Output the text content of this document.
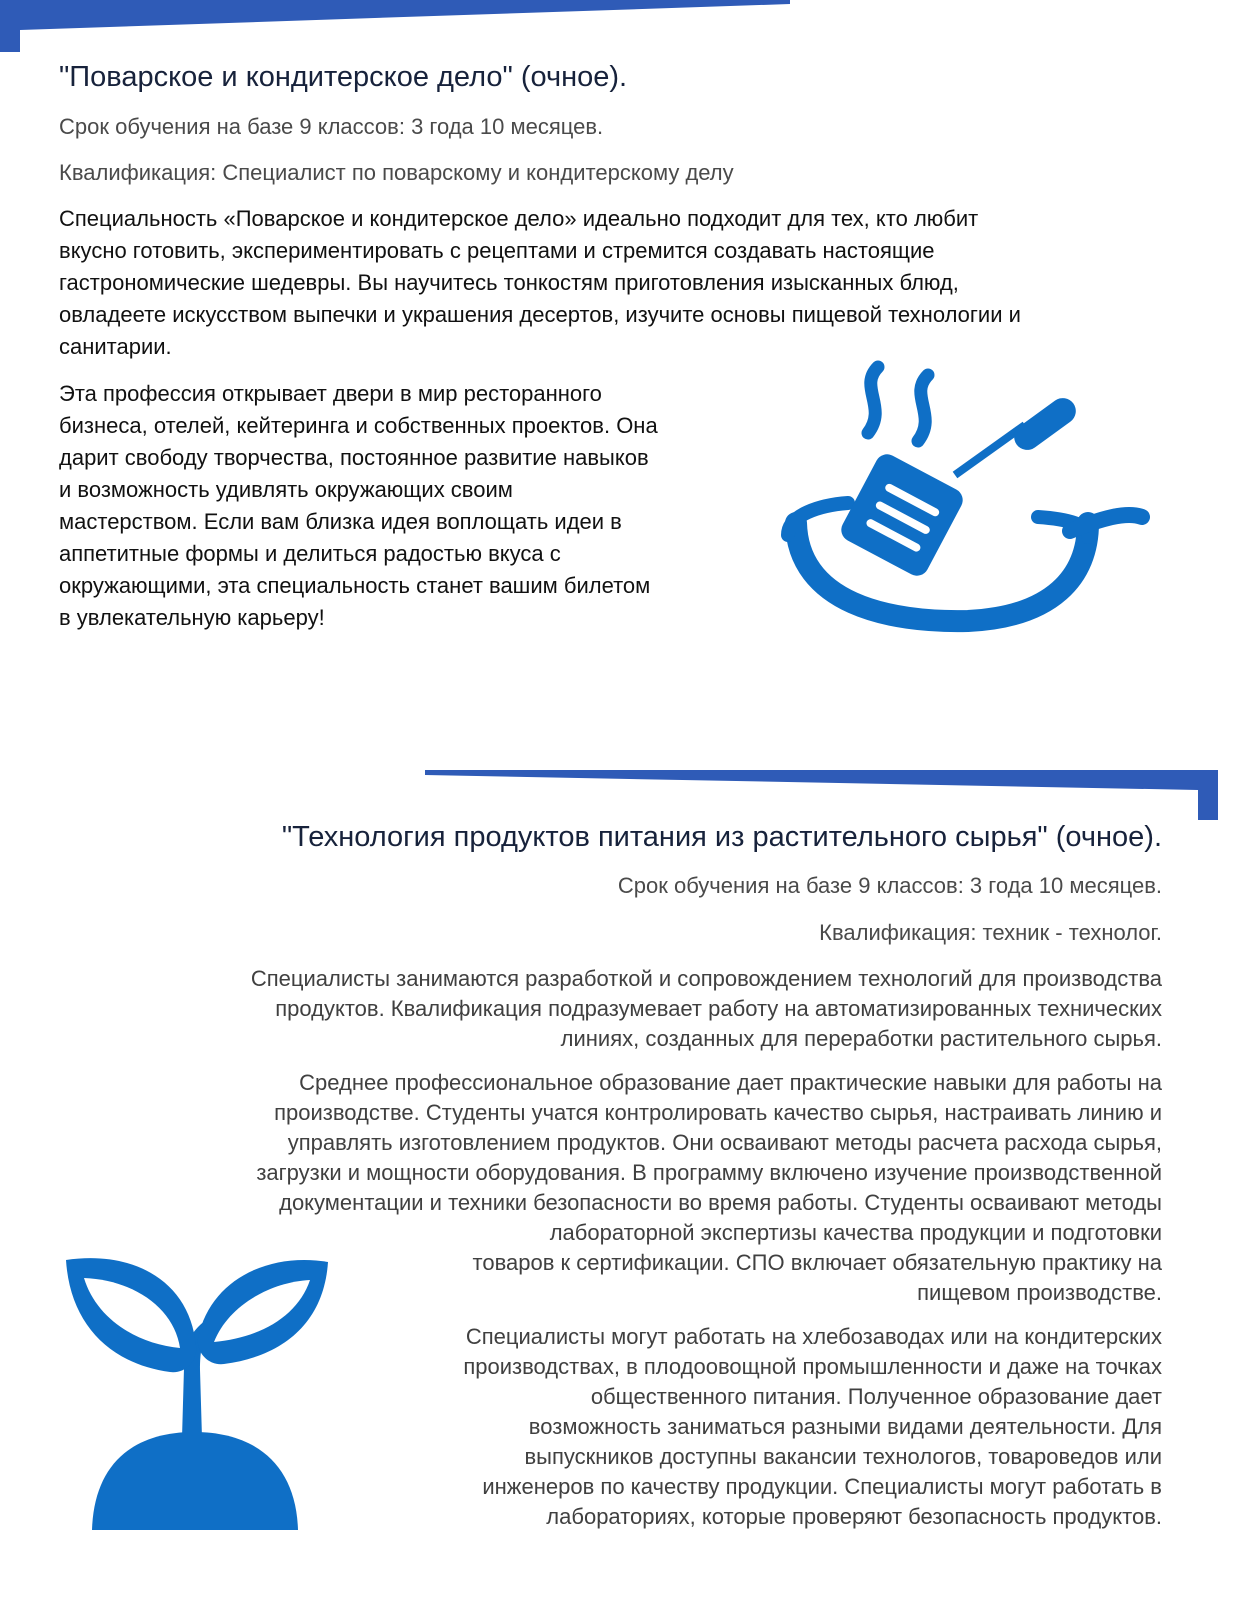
"Поварское и кондитерское дело" (очное).

Срок обучения на базе 9 классов: 3 года 10 месяцев.

Квалификация: Специалист по поварскому и кондитерскому делу

Специальность «Поварское и кондитерское дело» идеально подходит для тех, кто любит
вкусно готовить, экспериментировать с рецептами и стремится создавать настоящие
гастрономические шедевры. Вы научитесь тонкостям приготовления изысканных блюд,
овладеете искусством выпечки и украшения десертов, изучите основы пищевой технологии и
санитарии.

Эта профессия открывает двери в мир ресторанного
бизнеса, отелей, кейтеринга и собственных проектов. Она
дарит свободу творчества, постоянное развитие навыков
и возможность удивлять окружающих своим
мастерством. Если вам близка идея воплощать идеи в
аппетитные формы и делиться радостью вкуса с
окружающими, эта специальность станет вашим билетом
в увлекательную карьеру!

"Технология продуктов питания из растительного сырья" (очное).

Срок обучения на базе 9 классов: 3 года 10 месяцев.

Квалификация: техник - технолог.

Специалисты занимаются разработкой и сопровождением технологий для производства
продуктов. Квалификация подразумевает работу на автоматизированных технических
линиях, созданных для переработки растительного сырья.

Среднее профессиональное образование дает практические навыки для работы на
производстве. Студенты учатся контролировать качество сырья, настраивать линию и
управлять изготовлением продуктов. Они осваивают методы расчета расхода сырья,
загрузки и мощности оборудования. В программу включено изучение производственной
документации и техники безопасности во время работы. Студенты осваивают методы
лабораторной экспертизы качества продукции и подготовки
товаров к сертификации. СПО включает обязательную практику на
пищевом производстве.

Специалисты могут работать на хлебозаводах или на кондитерских
производствах, в плодоовощной промышленности и даже на точках
общественного питания. Полученное образование дает
возможность заниматься разными видами деятельности. Для
выпускников доступны вакансии технологов, товароведов или
инженеров по качеству продукции. Специалисты могут работать в
лабораториях, которые проверяют безопасность продуктов.
